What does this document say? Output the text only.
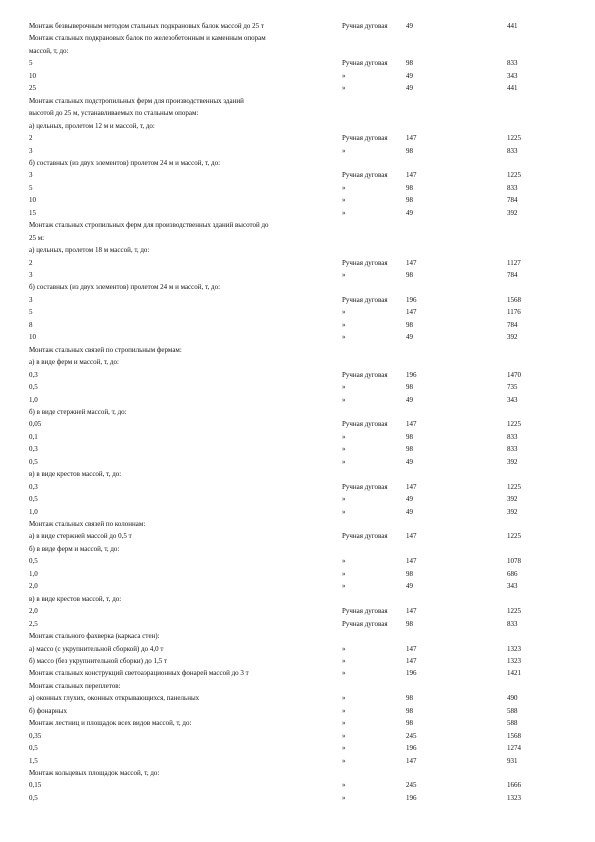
Монтаж безвыверочным методом стальных подкрановых балок массой до 25 т	Ручная дуговая	49	441
Монтаж стальных подкрановых балок по железобетонным и каменным опорам
массой, т, до:
5	Ручная дуговая	98	833
10	»	49	343
25	»	49	441
Монтаж стальных подстропильных ферм для производственных зданий
высотой до 25 м, устанавливаемых по стальным опорам:
а) цельных, пролетом 12 м и массой, т, до:
2	Ручная дуговая	147	1225
3	»	98	833
б) составных (из двух элементов) пролетом 24 м и массой, т, до:
3	Ручная дуговая	147	1225
5	»	98	833
10	»	98	784
15	»	49	392
Монтаж стальных стропильных ферм для производственных зданий высотой до
25 м:
а) цельных, пролетом 18 м массой, т, до:
2	Ручная дуговая	147	1127
3	»	98	784
б) составных (из двух элементов) пролетом 24 м и массой, т, до:
3	Ручная дуговая	196	1568
5	»	147	1176
8	»	98	784
10	»	49	392
Монтаж стальных связей по стропильным фермам:
а) в виде ферм и массой, т, до:
0,3	Ручная дуговая	196	1470
0,5	»	98	735
1,0	»	49	343
б) в виде стержней массой, т, до:
0,05	Ручная дуговая	147	1225
0,1	»	98	833
0,3	»	98	833
0,5	»	49	392
в) в виде крестов массой, т, до:
0,3	Ручная дуговая	147	1225
0,5	»	49	392
1,0	»	49	392
Монтаж стальных связей по колоннам:
а) в виде стержней массой до 0,5 т	Ручная дуговая	147	1225
б) в виде ферм и массой, т, до:
0,5	»	147	1078
1,0	»	98	686
2,0	»	49	343
в) в виде крестов массой, т, до:
2,0	Ручная дуговая	147	1225
2,5	Ручная дуговая	98	833
Монтаж стального фахверка (каркаса стен):
а) массо (с укрупнительной сборкой) до 4,0 т	»	147	1323
б) массо (без укрупнительной сборки) до 1,5 т	»	147	1323
Монтаж стальных конструкций светоаэрационных фонарей массой до 3 т	»	196	1421
Монтаж стальных переплетов:
а) оконных глухих, оконных открывающихся, панельных	»	98	490
б) фонарных	»	98	588
Монтаж лестниц и площадок всех видов массой, т, до:	»	98	588
0,35	»	245	1568
0,5	»	196	1274
1,5	»	147	931
Монтаж кольцевых площадок массой, т, до:
0,15	»	245	1666
0,5	»	196	1323
